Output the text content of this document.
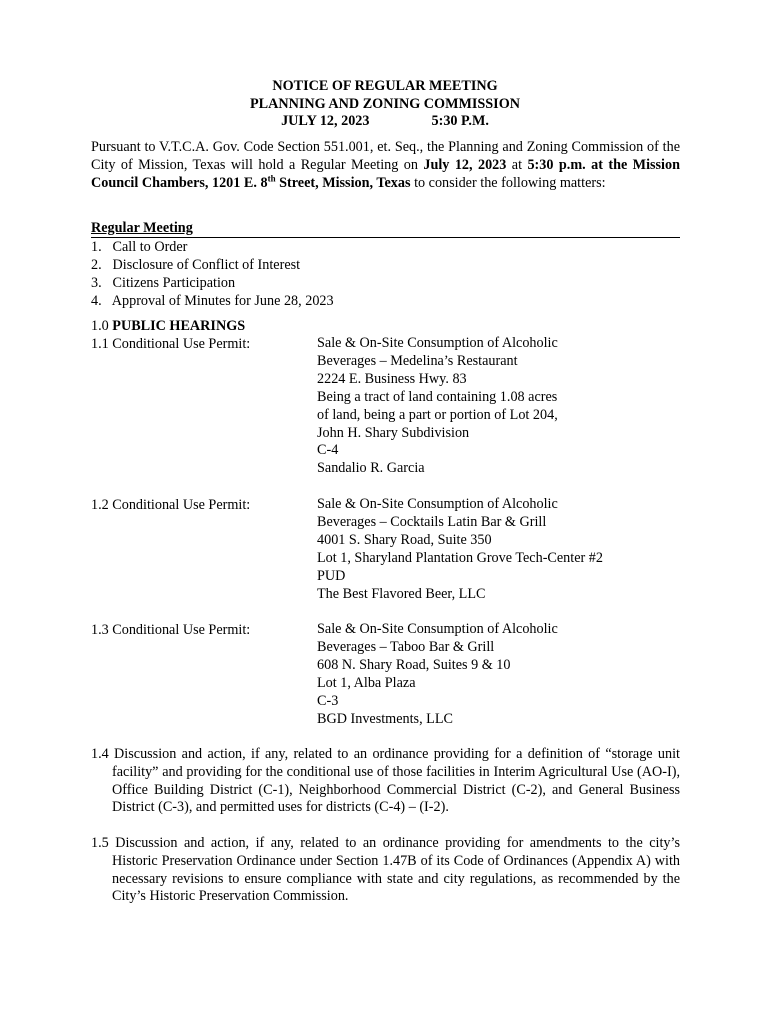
NOTICE OF REGULAR MEETING
PLANNING AND ZONING COMMISSION
JULY 12, 2023	5:30 P.M.
Pursuant to V.T.C.A. Gov. Code Section 551.001, et. Seq., the Planning and Zoning Commission of the City of Mission, Texas will hold a Regular Meeting on July 12, 2023 at 5:30 p.m. at the Mission Council Chambers, 1201 E. 8th Street, Mission, Texas to consider the following matters:
Regular Meeting
1. Call to Order
2. Disclosure of Conflict of Interest
3. Citizens Participation
4. Approval of Minutes for June 28, 2023
1.0 PUBLIC HEARINGS
1.1 Conditional Use Permit:	Sale & On-Site Consumption of Alcoholic
Beverages – Medelina’s Restaurant
2224 E. Business Hwy. 83
Being a tract of land containing 1.08 acres
of land, being a part or portion of Lot 204,
John H. Shary Subdivision
C-4
Sandalio R. Garcia
1.2 Conditional Use Permit:	Sale & On-Site Consumption of Alcoholic
Beverages – Cocktails Latin Bar & Grill
4001 S. Shary Road, Suite 350
Lot 1, Sharyland Plantation Grove Tech-Center #2
PUD
The Best Flavored Beer, LLC
1.3 Conditional Use Permit:	Sale & On-Site Consumption of Alcoholic
Beverages – Taboo Bar & Grill
608 N. Shary Road, Suites 9 & 10
Lot 1, Alba Plaza
C-3
BGD Investments, LLC
1.4 Discussion and action, if any, related to an ordinance providing for a definition of “storage unit facility” and providing for the conditional use of those facilities in Interim Agricultural Use (AO-I), Office Building District (C-1), Neighborhood Commercial District (C-2), and General Business District (C-3), and permitted uses for districts (C-4) – (I-2).
1.5 Discussion and action, if any, related to an ordinance providing for amendments to the city’s Historic Preservation Ordinance under Section 1.47B of its Code of Ordinances (Appendix A) with necessary revisions to ensure compliance with state and city regulations, as recommended by the City’s Historic Preservation Commission.
